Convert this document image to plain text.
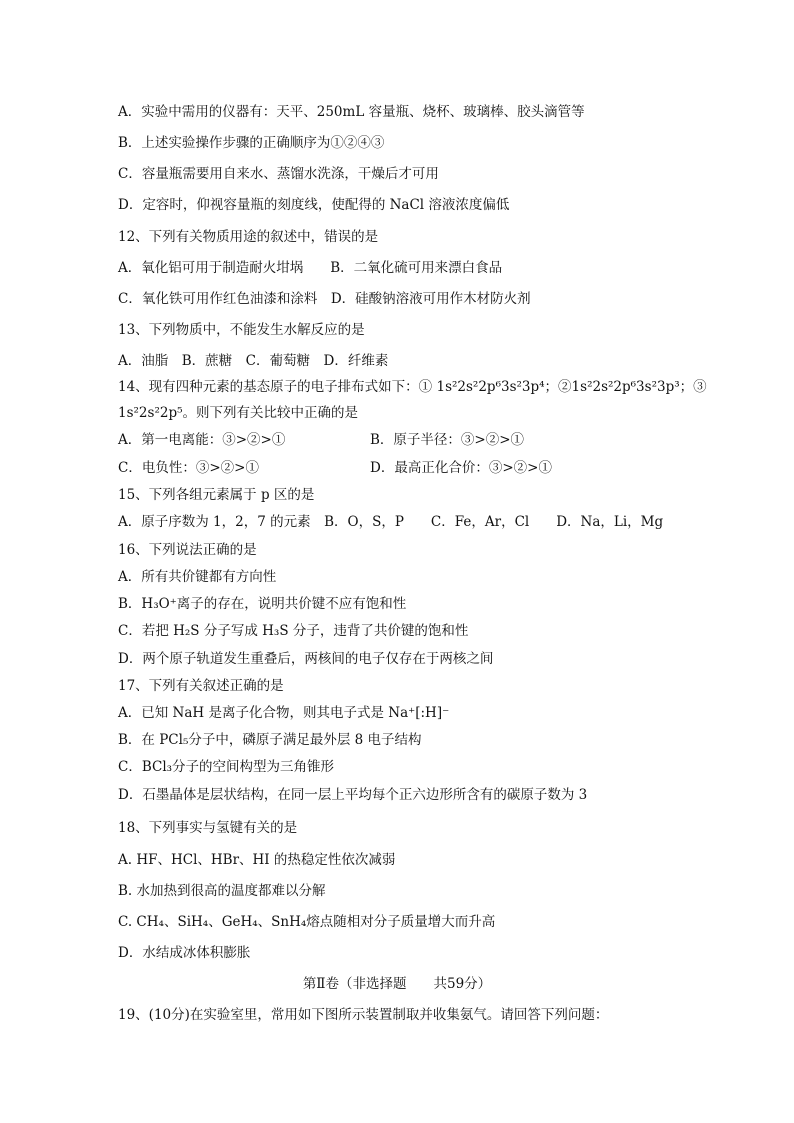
A．实验中需用的仪器有：天平、250mL 容量瓶、烧杯、玻璃棒、胶头滴管等
B．上述实验操作步骤的正确顺序为①②④③
C．容量瓶需要用自来水、蒸馏水洗涤，干燥后才可用
D．定容时，仰视容量瓶的刻度线，使配得的 NaCl 溶液浓度偏低
12、下列有关物质用途的叙述中，错误的是
A．氧化铝可用于制造耐火坩埚　　B．二氧化硫可用来漂白食品
C．氧化铁可用作红色油漆和涂料　D．硅酸钠溶液可用作木材防火剂
13、下列物质中，不能发生水解反应的是
A．油脂　B．蔗糖　C．葡萄糖　D．纤维素
14、现有四种元素的基态原子的电子排布式如下：① 1s²2s²2p⁶3s²3p⁴；②1s²2s²2p⁶3s²3p³；③
1s²2s²2p⁵。则下列有关比较中正确的是
A．第一电离能：③>②>①	B．原子半径：③>②>①
C．电负性：③>②>①	D．最高正化合价：③>②>①
15、下列各组元素属于 p 区的是
A．原子序数为 1，2，7 的元素　B．O，S，P　　C．Fe，Ar，Cl　　D．Na，Li，Mg
16、下列说法正确的是
A．所有共价键都有方向性
B．H₃O⁺离子的存在，说明共价键不应有饱和性
C．若把 H₂S 分子写成 H₃S 分子，违背了共价键的饱和性
D．两个原子轨道发生重叠后，两核间的电子仅存在于两核之间
17、下列有关叙述正确的是
A．已知 NaH 是离子化合物，则其电子式是 Na⁺[:H]⁻
B．在 PCl₅分子中，磷原子满足最外层 8 电子结构
C．BCl₃分子的空间构型为三角锥形
D．石墨晶体是层状结构，在同一层上平均每个正六边形所含有的碳原子数为 3
18、下列事实与氢键有关的是
A. HF、HCl、HBr、HI 的热稳定性依次减弱
B. 水加热到很高的温度都难以分解
C. CH₄、SiH₄、GeH₄、SnH₄熔点随相对分子质量增大而升高
D．水结成冰体积膨胀
第Ⅱ卷（非选择题　　共59分）
19、(10分)在实验室里，常用如下图所示装置制取并收集氨气。请回答下列问题：
